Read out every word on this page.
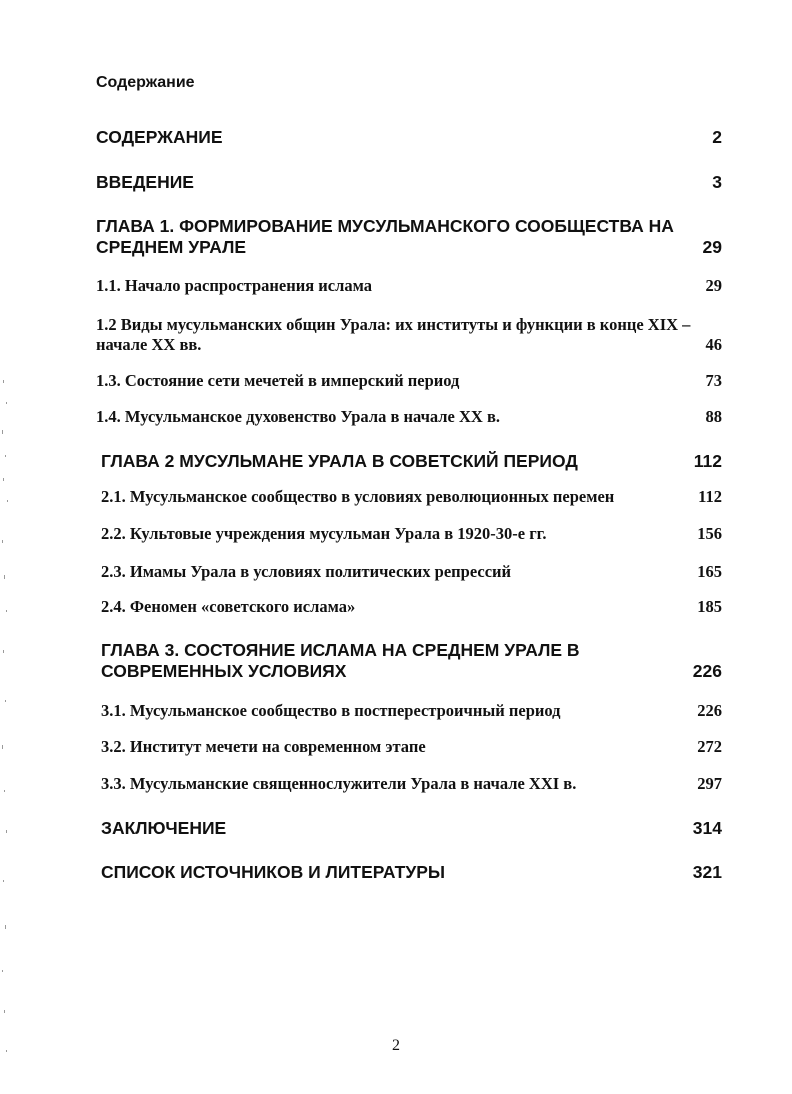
Содержание
СОДЕРЖАНИЕ	2
ВВЕДЕНИЕ	3
ГЛАВА 1. ФОРМИРОВАНИЕ МУСУЛЬМАНСКОГО СООБЩЕСТВА НА СРЕДНЕМ УРАЛЕ	29
1.1. Начало распространения ислама	29
1.2 Виды мусульманских общин Урала: их институты и функции в конце XIX – начале XX вв.	46
1.3. Состояние сети мечетей в имперский период	73
1.4. Мусульманское духовенство Урала в начале XX в.	88
ГЛАВА 2 МУСУЛЬМАНЕ УРАЛА В СОВЕТСКИЙ ПЕРИОД	112
2.1. Мусульманское сообщество в условиях революционных перемен	112
2.2. Культовые учреждения мусульман Урала в 1920-30-е гг.	156
2.3. Имамы Урала в условиях политических репрессий	165
2.4. Феномен «советского ислама»	185
ГЛАВА 3. СОСТОЯНИЕ ИСЛАМА НА СРЕДНЕМ УРАЛЕ В СОВРЕМЕННЫХ УСЛОВИЯХ	226
3.1. Мусульманское сообщество в постперестроичный период	226
3.2. Институт мечети на современном этапе	272
3.3. Мусульманские священнослужители Урала в начале XXI в.	297
ЗАКЛЮЧЕНИЕ	314
СПИСОК ИСТОЧНИКОВ И ЛИТЕРАТУРЫ	321
2
